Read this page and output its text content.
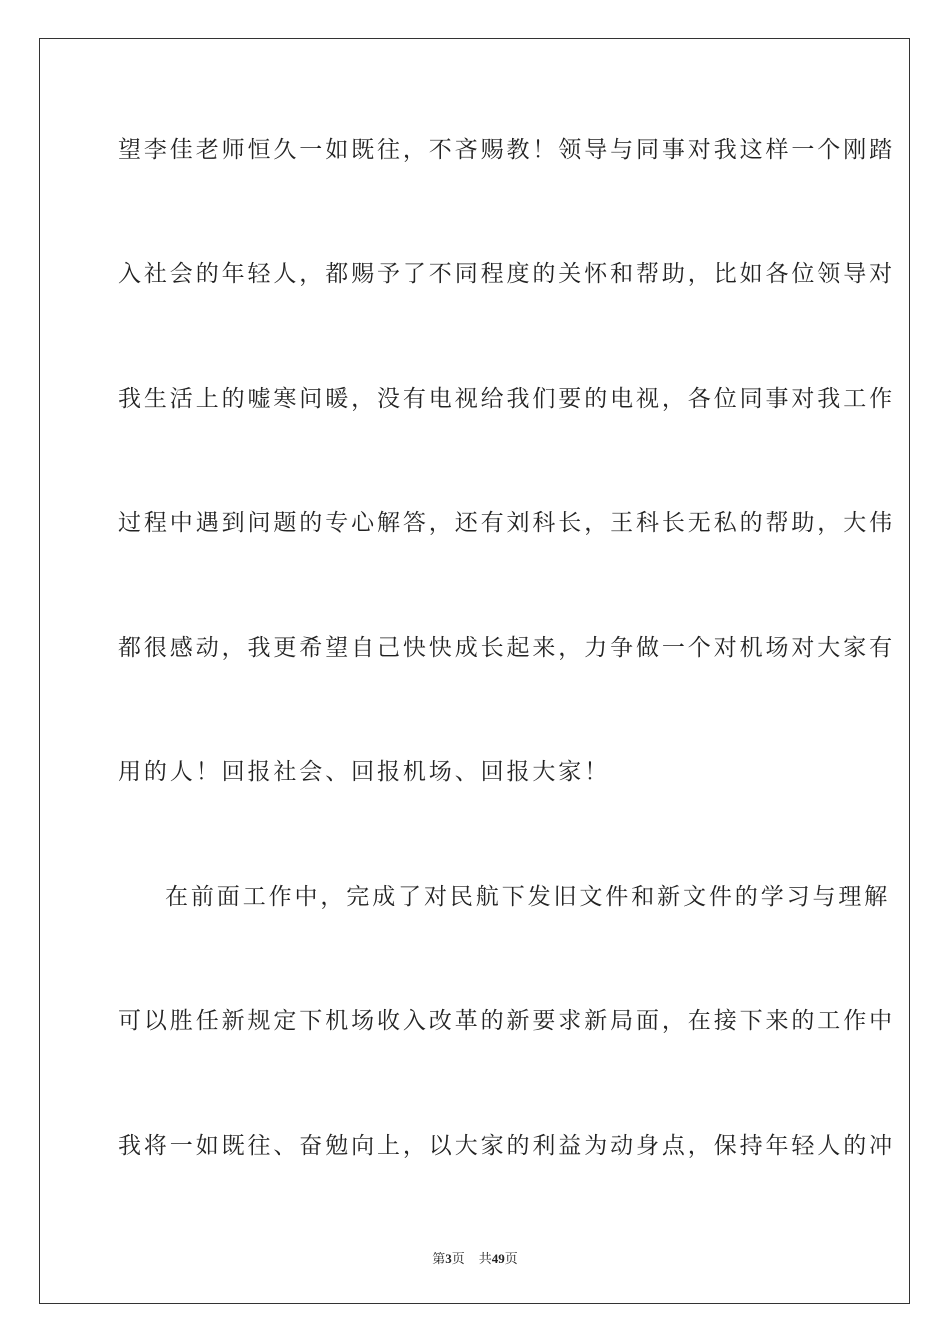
望李佳老师恒久一如既往，不吝赐教！领导与同事对我这样一个刚踏
入社会的年轻人，都赐予了不同程度的关怀和帮助，比如各位领导对
我生活上的嘘寒问暖，没有电视给我们要的电视，各位同事对我工作
过程中遇到问题的专心解答，还有刘科长，王科长无私的帮助，大伟
都很感动，我更希望自己快快成长起来，力争做一个对机场对大家有
用的人！回报社会、回报机场、回报大家！
在前面工作中，完成了对民航下发旧文件和新文件的学习与理解
可以胜任新规定下机场收入改革的新要求新局面，在接下来的工作中
我将一如既往、奋勉向上，以大家的利益为动身点，保持年轻人的冲
第3页 共49页
